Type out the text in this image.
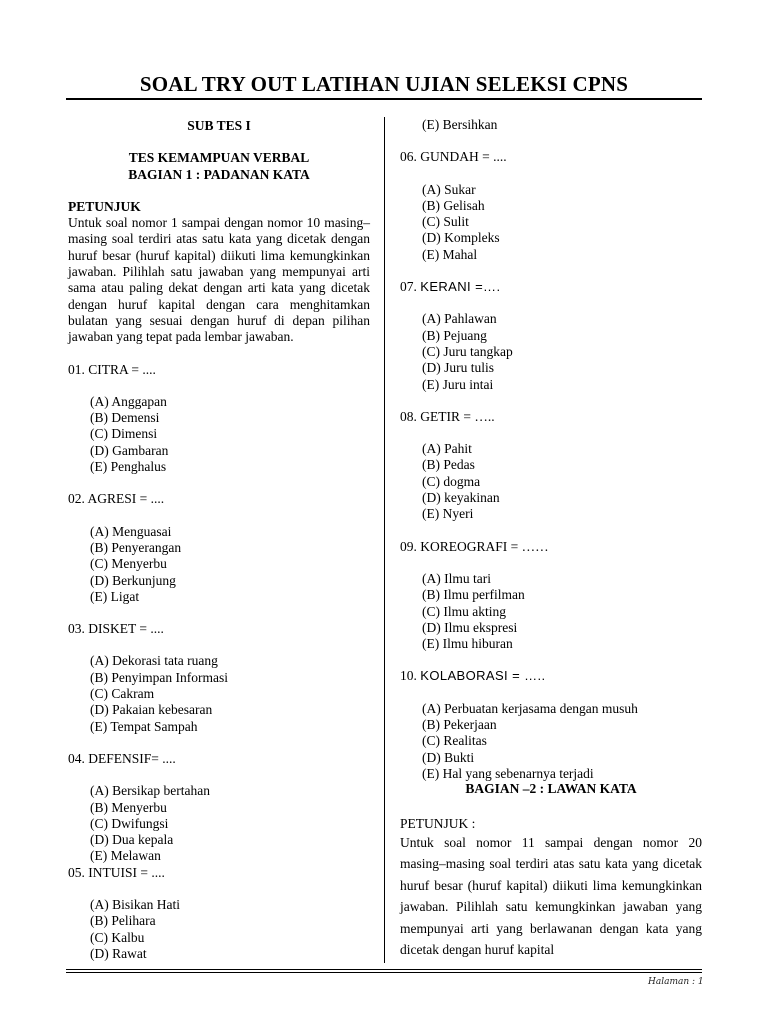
SOAL TRY OUT LATIHAN UJIAN SELEKSI CPNS
SUB TES I
TES KEMAMPUAN VERBAL
BAGIAN 1 : PADANAN KATA
PETUNJUK
Untuk soal nomor 1 sampai dengan nomor 10 masing–masing soal terdiri atas satu kata yang dicetak dengan huruf besar (huruf kapital) diikuti lima kemungkinkan jawaban. Pilihlah satu jawaban yang mempunyai arti sama atau paling dekat dengan arti kata yang dicetak dengan huruf kapital dengan cara menghitamkan bulatan yang sesuai dengan huruf di depan pilihan jawaban yang tepat pada lembar jawaban.
01. CITRA = ....
(A) Anggapan
(B) Demensi
(C) Dimensi
(D) Gambaran
(E) Penghalus
02. AGRESI = ....
(A) Menguasai
(B) Penyerangan
(C) Menyerbu
(D) Berkunjung
(E) Ligat
03. DISKET = ....
(A) Dekorasi tata ruang
(B) Penyimpan Informasi
(C) Cakram
(D) Pakaian kebesaran
(E) Tempat Sampah
04. DEFENSIF= ....
(A) Bersikap bertahan
(B) Menyerbu
(C) Dwifungsi
(D) Dua kepala
(E) Melawan
05. INTUISI = ....
(A) Bisikan Hati
(B) Pelihara
(C) Kalbu
(D) Rawat
(E) Bersihkan
06. GUNDAH = ....
(A) Sukar
(B) Gelisah
(C) Sulit
(D) Kompleks
(E) Mahal
07. KERANI =….
(A) Pahlawan
(B) Pejuang
(C) Juru tangkap
(D) Juru tulis
(E) Juru intai
08. GETIR = …..
(A) Pahit
(B) Pedas
(C) dogma
(D) keyakinan
(E) Nyeri
09. KOREOGRAFI = ……
(A) Ilmu tari
(B) Ilmu perfilman
(C) Ilmu akting
(D) Ilmu ekspresi
(E) Ilmu hiburan
10. KOLABORASI = …..
(A) Perbuatan kerjasama dengan musuh
(B) Pekerjaan
(C) Realitas
(D) Bukti
(E) Hal yang sebenarnya terjadi
BAGIAN –2 : LAWAN KATA
PETUNJUK :
Untuk soal nomor 11 sampai dengan nomor 20 masing–masing soal terdiri atas satu kata yang dicetak huruf besar (huruf kapital) diikuti lima kemungkinkan jawaban. Pilihlah satu kemungkinkan jawaban yang mempunyai arti yang berlawanan dengan kata yang dicetak dengan huruf kapital
Halaman : 1
